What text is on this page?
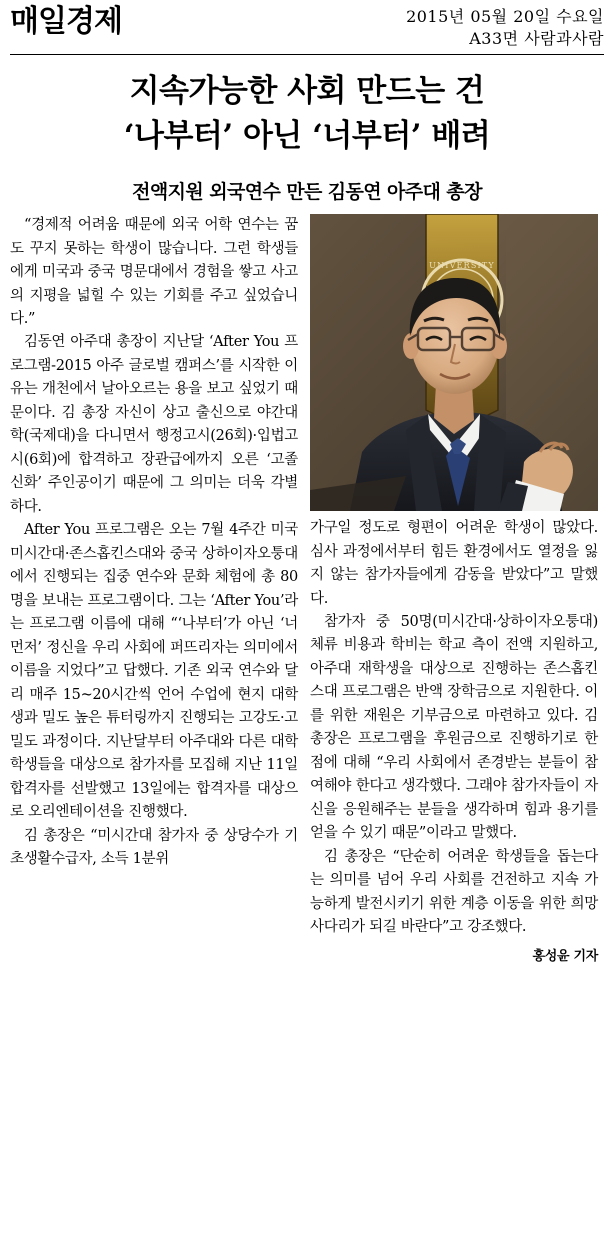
매일경제	2015년 05월 20일 수요일
A33면 사람과사람
지속가능한 사회 만드는 건
‘나부터’ 아닌 ‘너부터’ 배려
전액지원 외국연수 만든 김동연 아주대 총장

“경제적 어려움 때문에 외국 어학 연수는 꿈도 꾸지 못하는 학생이 많습니다. 그런 학생들에게 미국과 중국 명문대에서 경험을 쌓고 사고의 지평을 넓힐 수 있는 기회를 주고 싶었습니다.”

김동연 아주대 총장이 지난달 ‘After You 프로그램-2015 아주 글로벌 캠퍼스’를 시작한 이유는 개천에서 날아오르는 용을 보고 싶었기 때문이다. 김 총장 자신이 상고 출신으로 야간대학(국제대)을 다니면서 행정고시(26회)·입법고시(6회)에 합격하고 장관급에까지 오른 ‘고졸 신화’ 주인공이기 때문에 그 의미는 더욱 각별하다.

After You 프로그램은 오는 7월 4주간 미국 미시간대·존스홉킨스대와 중국 상하이자오퉁대에서 진행되는 집중 연수와 문화 체험에 총 80명을 보내는 프로그램이다. 그는 ‘After You’라는 프로그램 이름에 대해 “‘나부터’가 아닌 ‘너 먼저’ 정신을 우리 사회에 퍼뜨리자는 의미에서 이름을 지었다”고 답했다. 기존 외국 연수와 달리 매주 15~20시간씩 언어 수업에 현지 대학생과 밀도 높은 튜터링까지 진행되는 고강도·고밀도 과정이다. 지난달부터 아주대와 다른 대학 학생들을 대상으로 참가자를 모집해 지난 11일 합격자를 선발했고 13일에는 합격자를 대상으로 오리엔테이션을 진행했다.

김 총장은 “미시간대 참가자 중 상당수가 기초생활수급자, 소득 1분위

UNIVERSITY

가구일 정도로 형편이 어려운 학생이 많았다. 심사 과정에서부터 힘든 환경에서도 열정을 잃지 않는 참가자들에게 감동을 받았다”고 말했다.

참가자 중 50명(미시간대·상하이자오퉁대) 체류 비용과 학비는 학교 측이 전액 지원하고, 아주대 재학생을 대상으로 진행하는 존스홉킨스대 프로그램은 반액 장학금으로 지원한다. 이를 위한 재원은 기부금으로 마련하고 있다. 김 총장은 프로그램을 후원금으로 진행하기로 한 점에 대해 “우리 사회에서 존경받는 분들이 참여해야 한다고 생각했다. 그래야 참가자들이 자신을 응원해주는 분들을 생각하며 힘과 용기를 얻을 수 있기 때문”이라고 말했다.

김 총장은 “단순히 어려운 학생들을 돕는다는 의미를 넘어 우리 사회를 건전하고 지속 가능하게 발전시키기 위한 계층 이동을 위한 희망 사다리가 되길 바란다”고 강조했다.

홍성윤 기자
